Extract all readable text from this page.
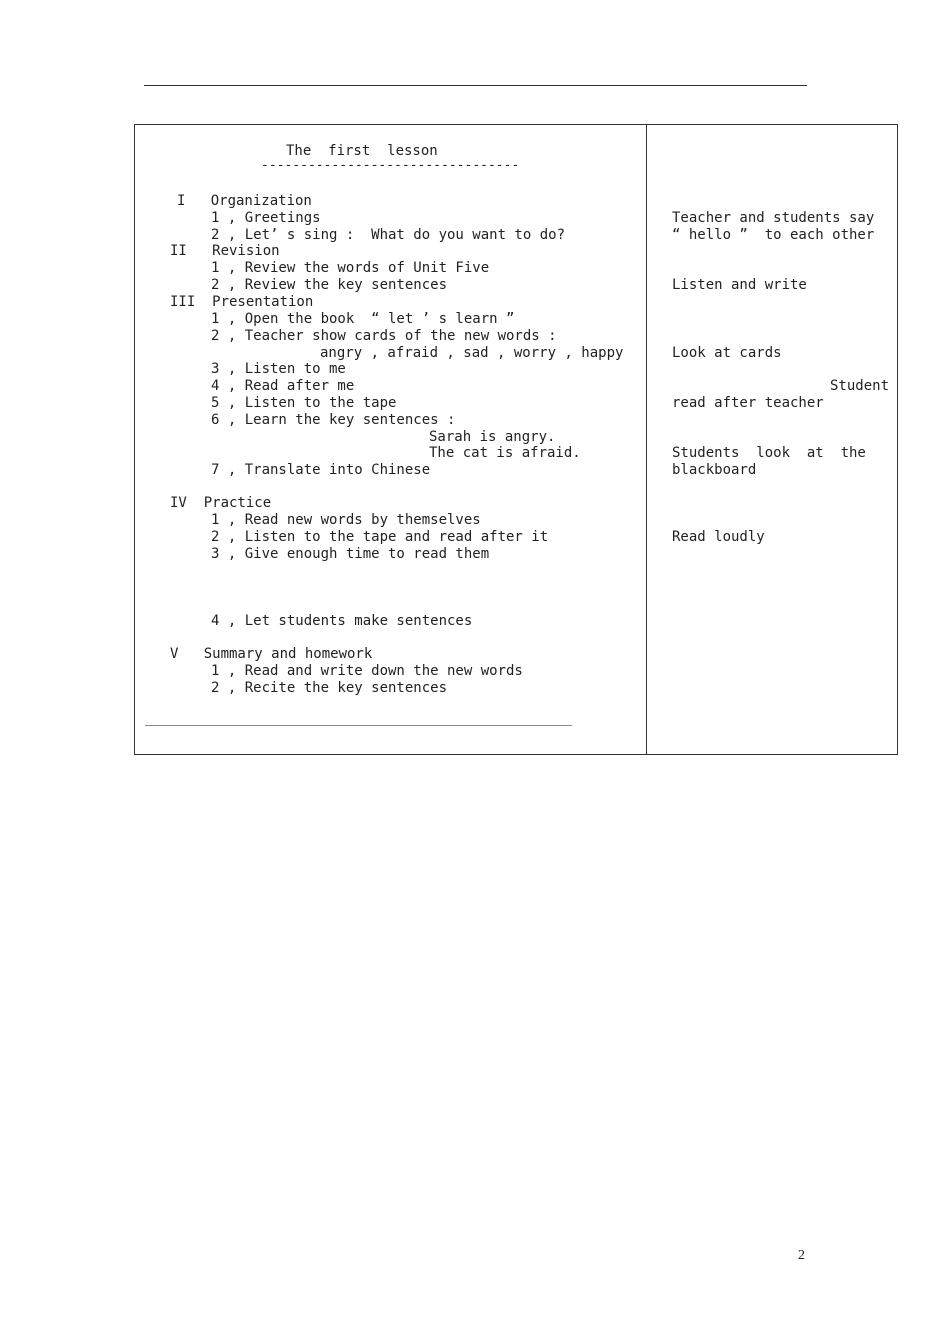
The  first  lesson
---------------------------------
I   Organization
1 , Greetings
2 , Let’ s sing :  What do you want to do?
II   Revision
1 , Review the words of Unit Five
2 , Review the key sentences
III  Presentation
1 , Open the book  “ let ’ s learn ”
2 , Teacher show cards of the new words :
angry , afraid , sad , worry , happy
3 , Listen to me
4 , Read after me
5 , Listen to the tape
6 , Learn the key sentences :
Sarah is angry.
The cat is afraid.
7 , Translate into Chinese
IV  Practice
1 , Read new words by themselves
2 , Listen to the tape and read after it
3 , Give enough time to read them
4 , Let students make sentences
V   Summary and homework
1 , Read and write down the new words
2 , Recite the key sentences
Teacher and students say
“ hello ”  to each other
Listen and write
Look at cards
Student
read after teacher
Students  look  at  the
blackboard
Read loudly
2
